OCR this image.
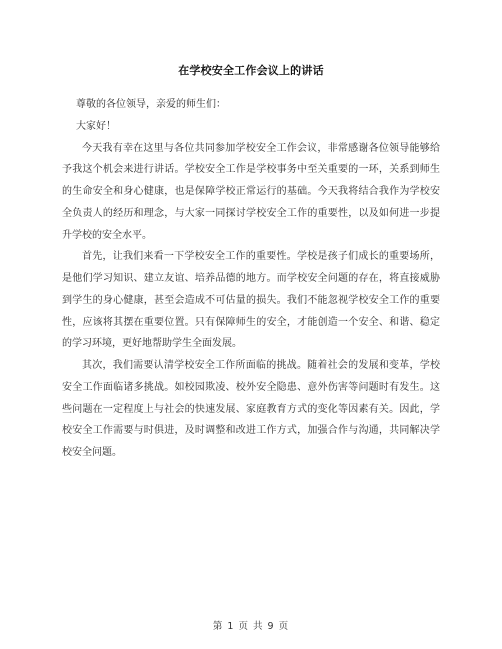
在学校安全工作会议上的讲话

尊敬的各位领导，亲爱的师生们：

大家好！

今天我有幸在这里与各位共同参加学校安全工作会议，非常感谢各位领导能够给予我这个机会来进行讲话。学校安全工作是学校事务中至关重要的一环，关系到师生的生命安全和身心健康，也是保障学校正常运行的基础。今天我将结合我作为学校安全负责人的经历和理念，与大家一同探讨学校安全工作的重要性，以及如何进一步提升学校的安全水平。

首先，让我们来看一下学校安全工作的重要性。学校是孩子们成长的重要场所，是他们学习知识、建立友谊、培养品德的地方。而学校安全问题的存在，将直接威胁到学生的身心健康，甚至会造成不可估量的损失。我们不能忽视学校安全工作的重要性，应该将其摆在重要位置。只有保障师生的安全，才能创造一个安全、和谐、稳定的学习环境，更好地帮助学生全面发展。

其次，我们需要认清学校安全工作所面临的挑战。随着社会的发展和变革，学校安全工作面临诸多挑战。如校园欺凌、校外安全隐患、意外伤害等问题时有发生。这些问题在一定程度上与社会的快速发展、家庭教育方式的变化等因素有关。因此，学校安全工作需要与时俱进，及时调整和改进工作方式，加强合作与沟通，共同解决学校安全问题。

第 1 页 共 9 页
